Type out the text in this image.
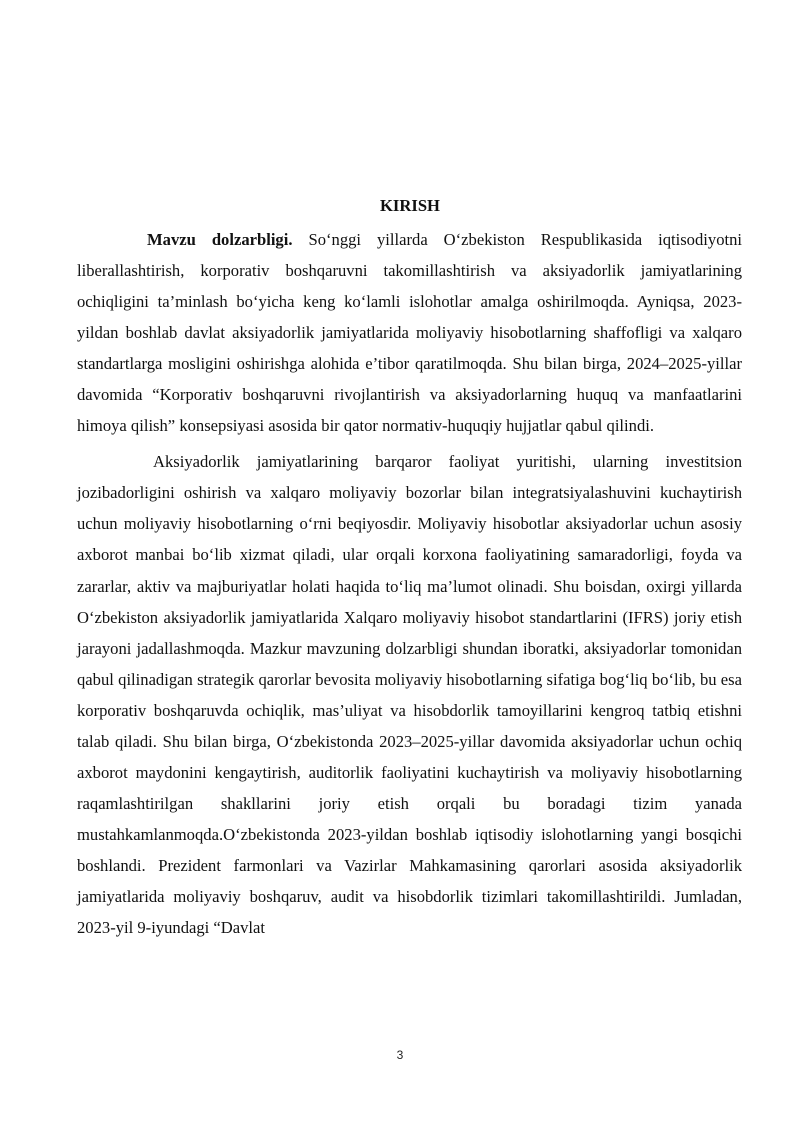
KIRISH

Mavzu dolzarbligi. So‘nggi yillarda O‘zbekiston Respublikasida iqtisodiyotni liberallashtirish, korporativ boshqaruvni takomillashtirish va aksiyadorlik jamiyatlarining ochiqligini ta’minlash bo‘yicha keng ko‘lamli islohotlar amalga oshirilmoqda. Ayniqsa, 2023-yildan boshlab davlat aksiyadorlik jamiyatlarida moliyaviy hisobotlarning shaffofligi va xalqaro standartlarga mosligini oshirishga alohida e’tibor qaratilmoqda. Shu bilan birga, 2024–2025-yillar davomida “Korporativ boshqaruvni rivojlantirish va aksiyadorlarning huquq va manfaatlarini himoya qilish” konsepsiyasi asosida bir qator normativ-huquqiy hujjatlar qabul qilindi.

Aksiyadorlik jamiyatlarining barqaror faoliyat yuritishi, ularning investitsion jozibadorligini oshirish va xalqaro moliyaviy bozorlar bilan integratsiyalashuvini kuchaytirish uchun moliyaviy hisobotlarning o‘rni beqiyosdir. Moliyaviy hisobotlar aksiyadorlar uchun asosiy axborot manbai bo‘lib xizmat qiladi, ular orqali korxona faoliyatining samaradorligi, foyda va zararlar, aktiv va majburiyatlar holati haqida to‘liq ma’lumot olinadi. Shu boisdan, oxirgi yillarda O‘zbekiston aksiyadorlik jamiyatlarida Xalqaro moliyaviy hisobot standartlarini (IFRS) joriy etish jarayoni jadallashmoqda. Mazkur mavzuning dolzarbligi shundan iboratki, aksiyadorlar tomonidan qabul qilinadigan strategik qarorlar bevosita moliyaviy hisobotlarning sifatiga bog‘liq bo‘lib, bu esa korporativ boshqaruvda ochiqlik, mas’uliyat va hisobdorlik tamoyillarini kengroq tatbiq etishni talab qiladi. Shu bilan birga, O‘zbekistonda 2023–2025-yillar davomida aksiyadorlar uchun ochiq axborot maydonini kengaytirish, auditorlik faoliyatini kuchaytirish va moliyaviy hisobotlarning raqamlashtirilgan shakllarini joriy etish orqali bu boradagi tizim yanada mustahkamlanmoqda.O‘zbekistonda 2023-yildan boshlab iqtisodiy islohotlarning yangi bosqichi boshlandi. Prezident farmonlari va Vazirlar Mahkamasining qarorlari asosida aksiyadorlik jamiyatlarida moliyaviy boshqaruv, audit va hisobdorlik tizimlari takomillashtirildi. Jumladan, 2023-yil 9-iyundagi “Davlat

3
